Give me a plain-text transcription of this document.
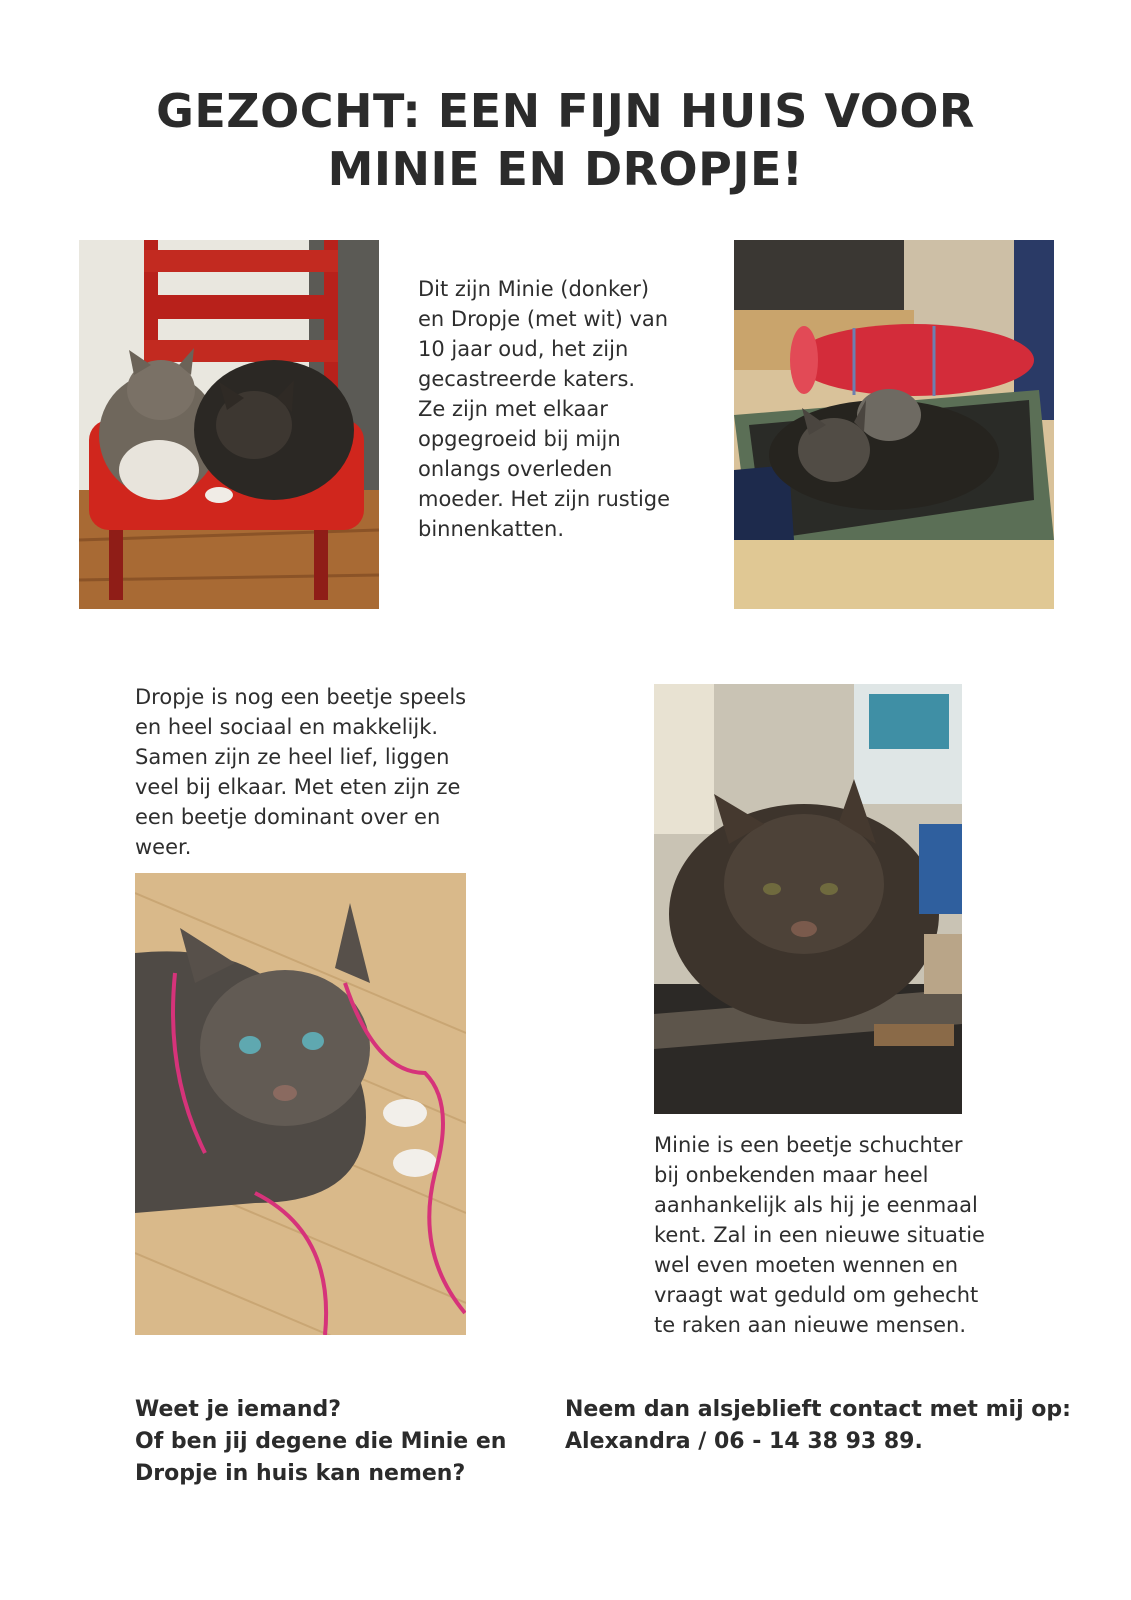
GEZOCHT: EEN FIJN HUIS VOOR
MINIE EN DROPJE!
Dit zijn Minie (donker)
en Dropje (met wit) van
10 jaar oud, het zijn
gecastreerde katers.
Ze zijn met elkaar
opgegroeid bij mijn
onlangs overleden
moeder. Het zijn rustige
binnenkatten.
Dropje is nog een beetje speels
en heel sociaal en makkelijk.
Samen zijn ze heel lief, liggen
veel bij elkaar. Met eten zijn ze
een beetje dominant over en
weer.
Minie is een beetje schuchter
bij onbekenden maar heel
aanhankelijk als hij je eenmaal
kent. Zal in een nieuwe situatie
wel even moeten wennen en
vraagt wat geduld om gehecht
te raken aan nieuwe mensen.
Weet je iemand?
Of ben jij degene die Minie en
Dropje in huis kan nemen?
Neem dan alsjeblieft contact met mij op:
Alexandra / 06 - 14 38 93 89.
